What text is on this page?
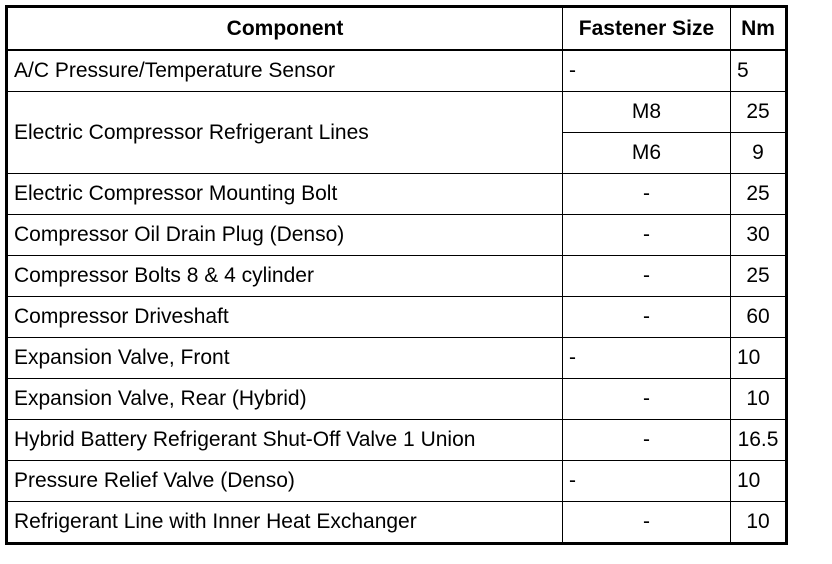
Component	Fastener Size	Nm
A/C Pressure/Temperature Sensor	-	5
Electric Compressor Refrigerant Lines	M8	25
	M6	9
Electric Compressor Mounting Bolt	-	25
Compressor Oil Drain Plug (Denso)	-	30
Compressor Bolts 8 & 4 cylinder	-	25
Compressor Driveshaft	-	60
Expansion Valve, Front	-	10
Expansion Valve, Rear (Hybrid)	-	10
Hybrid Battery Refrigerant Shut-Off Valve 1 Union	-	16.5
Pressure Relief Valve (Denso)	-	10
Refrigerant Line with Inner Heat Exchanger	-	10
